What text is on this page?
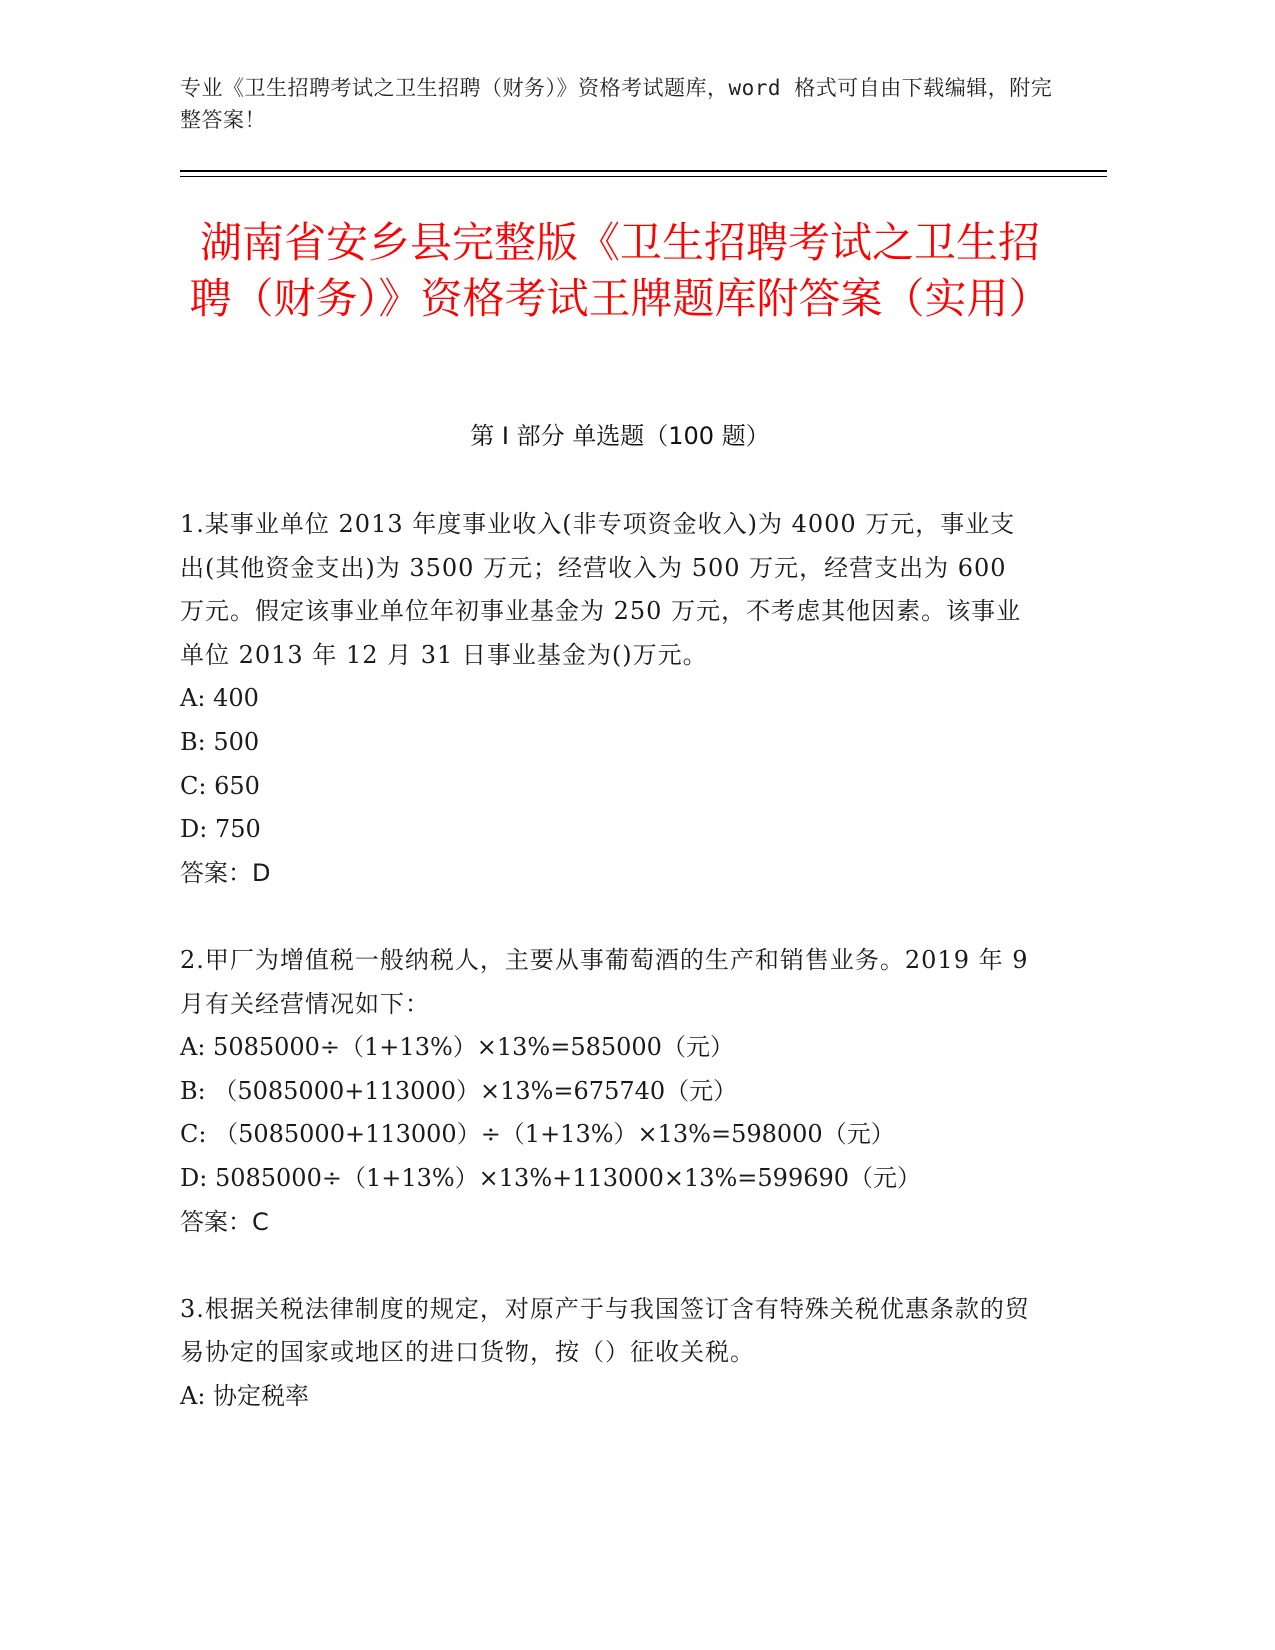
专业《卫生招聘考试之卫生招聘（财务）》资格考试题库，word 格式可自由下载编辑，附完整答案！
湖南省安乡县完整版《卫生招聘考试之卫生招聘（财务）》资格考试王牌题库附答案（实用）
第 I 部分 单选题（100 题）

1.某事业单位 2013 年度事业收入(非专项资金收入)为 4000 万元，事业支出(其他资金支出)为 3500 万元；经营收入为 500 万元，经营支出为 600 万元。假定该事业单位年初事业基金为 250 万元，不考虑其他因素。该事业单位 2013 年 12 月 31 日事业基金为()万元。

A: 400

B: 500

C: 650

D: 750

答案：D

2.甲厂为增值税一般纳税人，主要从事葡萄酒的生产和销售业务。2019 年 9 月有关经营情况如下：

A: 5085000÷（1+13%）×13%=585000（元）

B: （5085000+113000）×13%=675740（元）

C: （5085000+113000）÷（1+13%）×13%=598000（元）

D: 5085000÷（1+13%）×13%+113000×13%=599690（元）

答案：C

3.根据关税法律制度的规定，对原产于与我国签订含有特殊关税优惠条款的贸易协定的国家或地区的进口货物，按（）征收关税。

A: 协定税率
